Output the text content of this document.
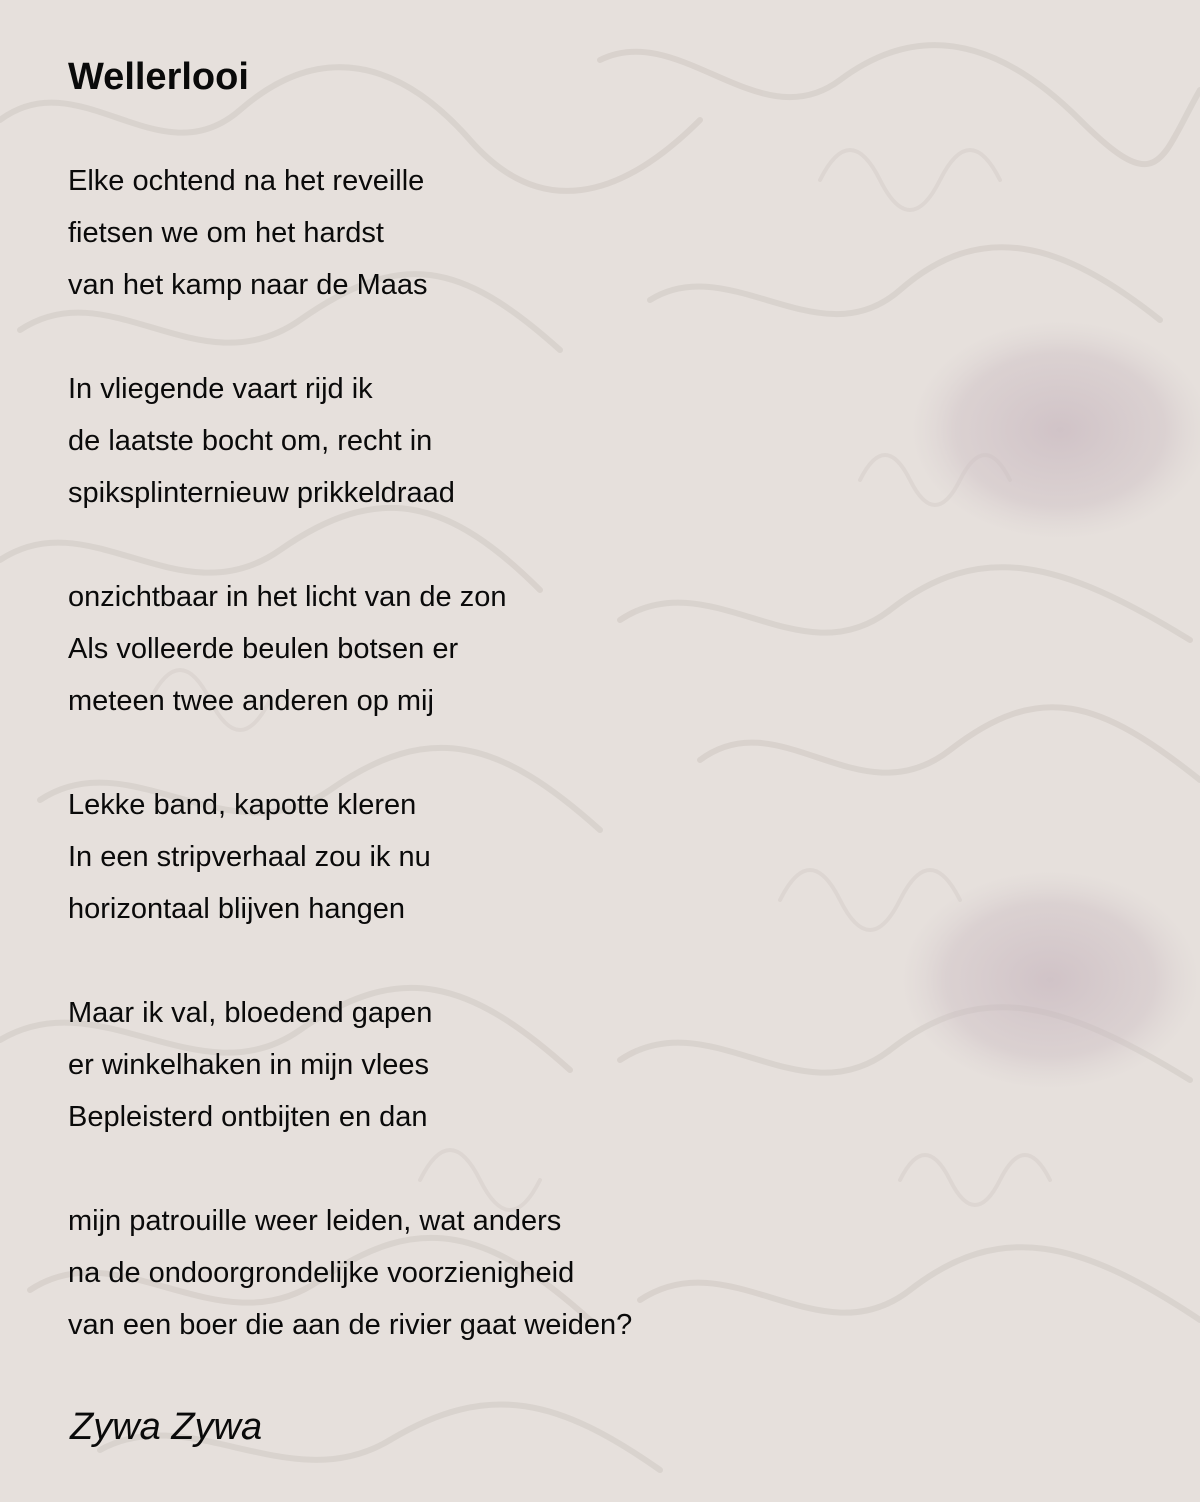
Wellerlooi
Elke ochtend na het reveille
fietsen we om het hardst
van het kamp naar de Maas
In vliegende vaart rijd ik
de laatste bocht om, recht in
spiksplinternieuw prikkeldraad
onzichtbaar in het licht van de zon
Als volleerde beulen botsen er
meteen twee anderen op mij
Lekke band, kapotte kleren
In een stripverhaal zou ik nu
horizontaal blijven hangen
Maar ik val, bloedend gapen
er winkelhaken in mijn vlees
Bepleisterd ontbijten en dan
mijn patrouille weer leiden, wat anders
na de ondoorgrondelijke voorzienigheid
van een boer die aan de rivier gaat weiden?
Zywa Zywa
